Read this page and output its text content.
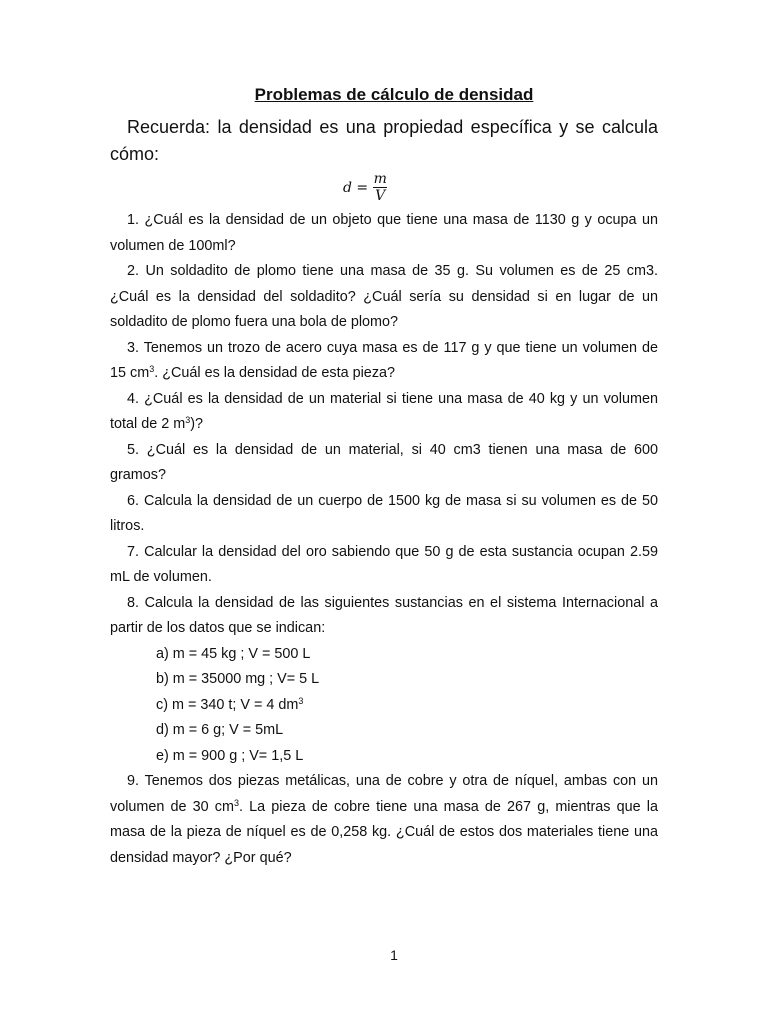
Problemas de cálculo de densidad
Recuerda: la densidad es una propiedad específica y se calcula cómo:
$d = \frac{m}{V}$
1. ¿Cuál es la densidad de un objeto que tiene una masa de 1130 g y ocupa un volumen de 100ml?
2. Un soldadito de plomo tiene una masa de 35 g. Su volumen es de 25 cm3. ¿Cuál es la densidad del soldadito? ¿Cuál sería su densidad si en lugar de un soldadito de plomo fuera una bola de plomo?
3. Tenemos un trozo de acero cuya masa es de 117 g y que tiene un volumen de 15 $cm^3$. ¿Cuál es la densidad de esta pieza?
4. ¿Cuál es la densidad de un material si tiene una masa de 40 kg y un volumen total de 2 $m^3$)?
5. ¿Cuál es la densidad de un material, si 40 cm3 tienen una masa de 600 gramos?
6. Calcula la densidad de un cuerpo de 1500 kg de masa si su volumen es de 50 litros.
7. Calcular la densidad del oro sabiendo que 50 g de esta sustancia ocupan 2.59 mL de volumen.
8. Calcula la densidad de las siguientes sustancias en el sistema Internacional a partir de los datos que se indican:
a) m = 45 kg ; V = 500 L
b) m = 35000 mg ; V= 5 L
c) m = 340 t; V = 4 $dm^3$
d) m = 6 g; V = 5mL
e) m = 900 g ; V= 1,5 L
9. Tenemos dos piezas metálicas, una de cobre y otra de níquel, ambas con un volumen de 30 $cm^3$. La pieza de cobre tiene una masa de 267 g, mientras que la masa de la pieza de níquel es de 0,258 kg. ¿Cuál de estos dos materiales tiene una densidad mayor? ¿Por qué?
1
